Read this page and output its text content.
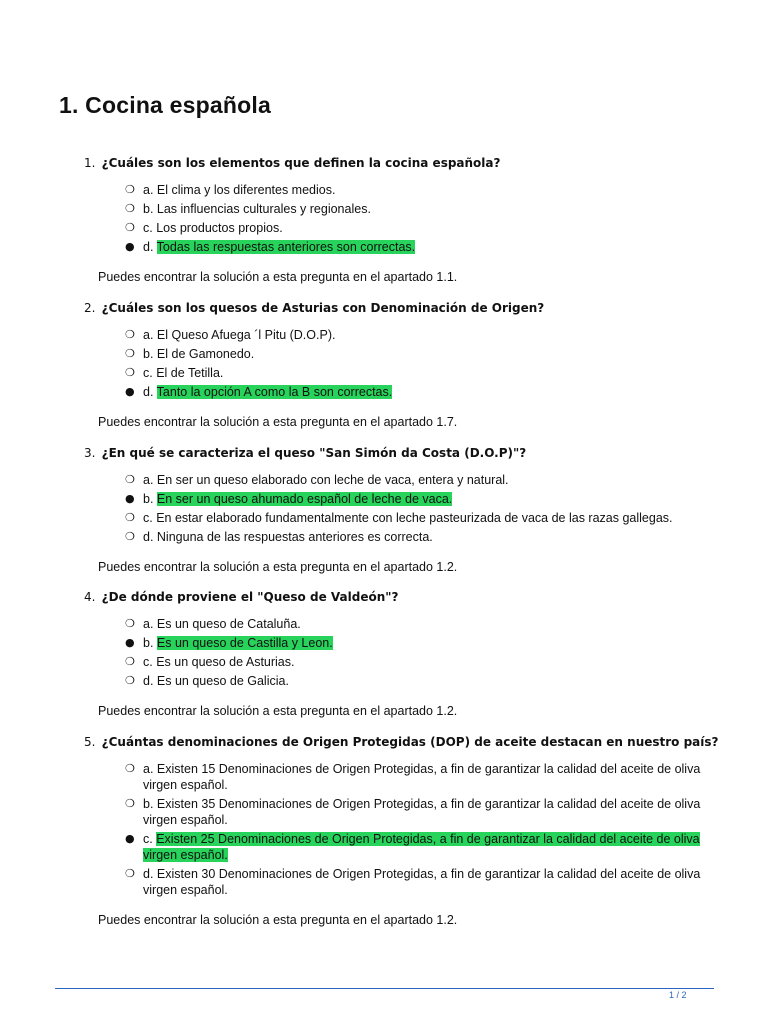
1. Cocina española
1. ¿Cuáles son los elementos que definen la cocina española?
❍ a. El clima y los diferentes medios.
❍ b. Las influencias culturales y regionales.
❍ c. Los productos propios.
● d. Todas las respuestas anteriores son correctas.
Puedes encontrar la solución a esta pregunta en el apartado 1.1.
2. ¿Cuáles son los quesos de Asturias con Denominación de Origen?
❍ a. El Queso Afuega ´l Pitu (D.O.P).
❍ b. El de Gamonedo.
❍ c. El de Tetilla.
● d. Tanto la opción A como la B son correctas.
Puedes encontrar la solución a esta pregunta en el apartado 1.7.
3. ¿En qué se caracteriza el queso "San Simón da Costa (D.O.P)"?
❍ a. En ser un queso elaborado con leche de vaca, entera y natural.
● b. En ser un queso ahumado español de leche de vaca.
❍ c. En estar elaborado fundamentalmente con leche pasteurizada de vaca de las razas gallegas.
❍ d. Ninguna de las respuestas anteriores es correcta.
Puedes encontrar la solución a esta pregunta en el apartado 1.2.
4. ¿De dónde proviene el "Queso de Valdeón"?
❍ a. Es un queso de Cataluña.
● b. Es un queso de Castilla y Leon.
❍ c. Es un queso de Asturias.
❍ d. Es un queso de Galicia.
Puedes encontrar la solución a esta pregunta en el apartado 1.2.
5. ¿Cuántas denominaciones de Origen Protegidas (DOP) de aceite destacan en nuestro país?
❍ a. Existen 15 Denominaciones de Origen Protegidas, a fin de garantizar la calidad del aceite de oliva virgen español.
❍ b. Existen 35 Denominaciones de Origen Protegidas, a fin de garantizar la calidad del aceite de oliva virgen español.
● c. Existen 25 Denominaciones de Origen Protegidas, a fin de garantizar la calidad del aceite de oliva virgen español.
❍ d. Existen 30 Denominaciones de Origen Protegidas, a fin de garantizar la calidad del aceite de oliva virgen español.
Puedes encontrar la solución a esta pregunta en el apartado 1.2.
1 / 2
